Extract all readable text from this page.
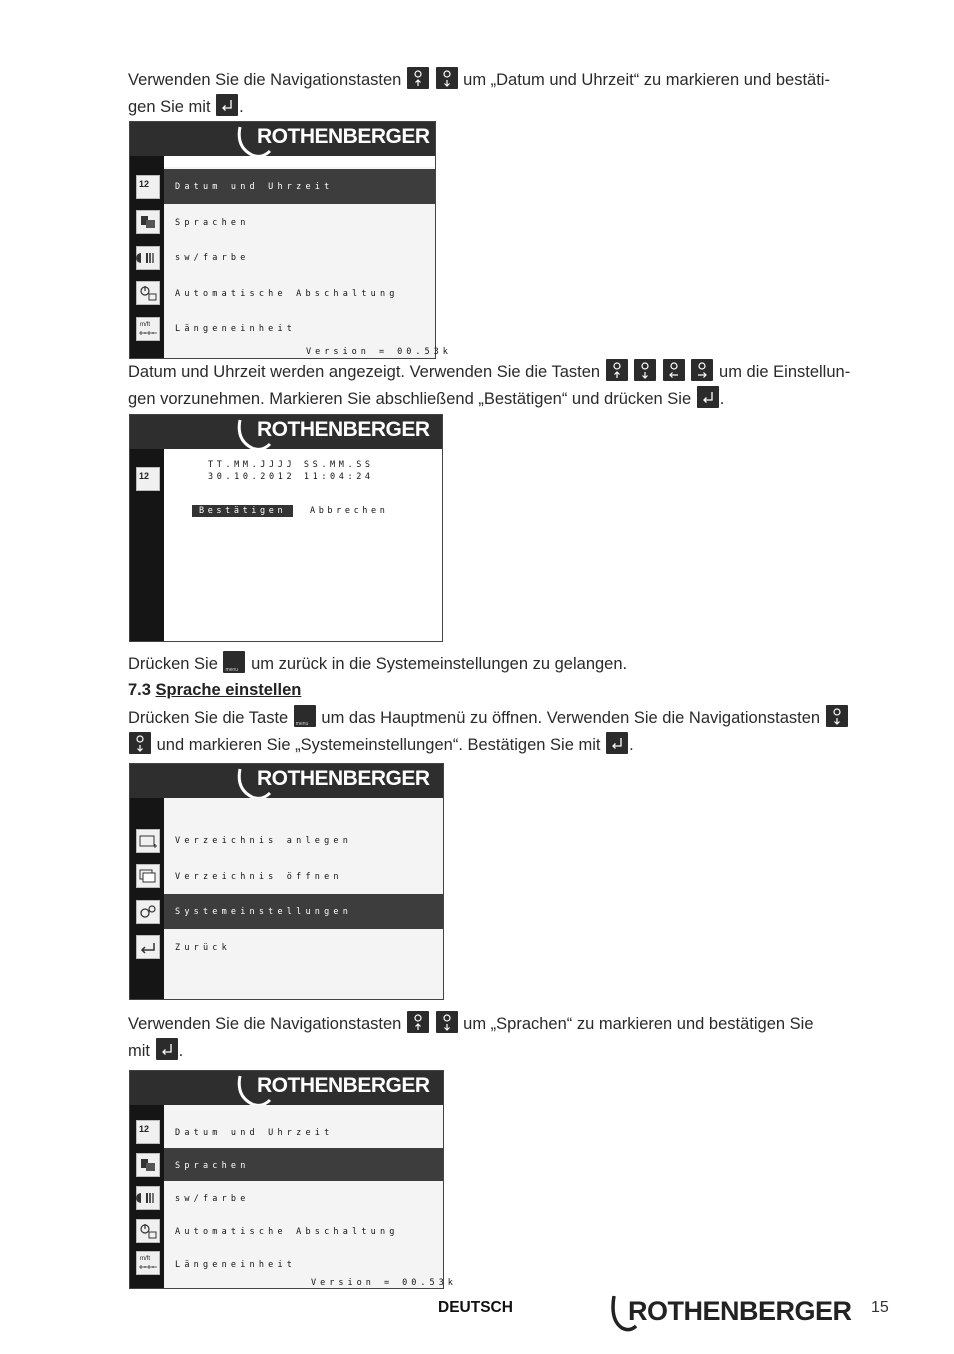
Verwenden Sie die Navigationstasten
	um „Datum und Uhrzeit“ zu markieren und bestäti-
gen Sie mit .
ROTHENBERGER
Datum und Uhrzeit
Sprachen
sw/farbe
Automatische Abschaltung
Längeneinheit
12
m/ft
Version = 00.53k
Datum und Uhrzeit werden angezeigt. Verwenden Sie die Tasten

	um die Einstellun-
gen vorzunehmen. Markieren Sie abschließend „Bestätigen“ und drücken Sie .
ROTHENBERGER
12
TT.MM.JJJJ SS.MM.SS
30.10.2012 11:04:24
Bestätigen	Abbrechen
Drücken Sie menu um zurück in die Systemeinstellungen zu gelangen.
7.3 Sprache einstellen
Drücken Sie die Taste menu um das Hauptmenü zu öffnen. Verwenden Sie die Navigationstasten

und markieren Sie „Systemeinstellungen“. Bestätigen Sie mit .
ROTHENBERGER
Verzeichnis anlegen
Verzeichnis öffnen
Systemeinstellungen
Zurück
Verwenden Sie die Navigationstasten
	um „Sprachen“ zu markieren und bestätigen Sie
mit .
ROTHENBERGER
Datum und Uhrzeit
Sprachen
sw/farbe
Automatische Abschaltung
Längeneinheit
12
m/ft
Version = 00.53k
DEUTSCH	ROTHENBERGER 15
